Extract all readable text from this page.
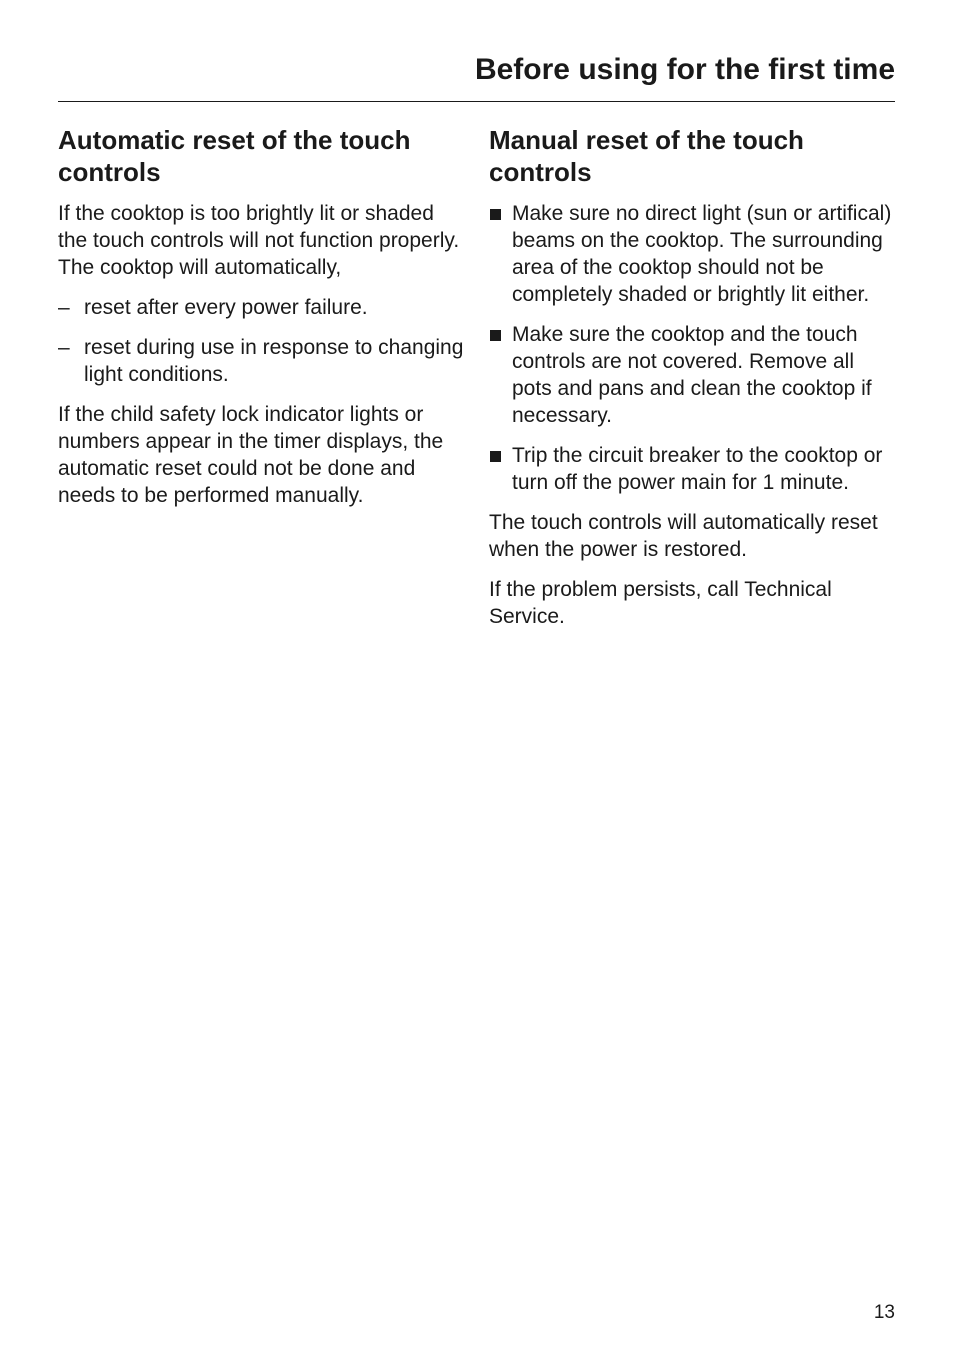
Before using for the first time
Automatic reset of the touch controls

If the cooktop is too brightly lit or shaded the touch controls will not function properly. The cooktop will automatically,

– reset after every power failure.
– reset during use in response to changing light conditions.

If the child safety lock indicator lights or numbers appear in the timer displays, the automatic reset could not be done and needs to be performed manually.

Manual reset of the touch controls
Make sure no direct light (sun or artifical) beams on the cooktop. The surrounding area of the cooktop should not be completely shaded or brightly lit either.
Make sure the cooktop and the touch controls are not covered. Remove all pots and pans and clean the cooktop if necessary.
Trip the circuit breaker to the cooktop or turn off the power main for 1 minute.

The touch controls will automatically reset when the power is restored.

If the problem persists, call Technical Service.

13
